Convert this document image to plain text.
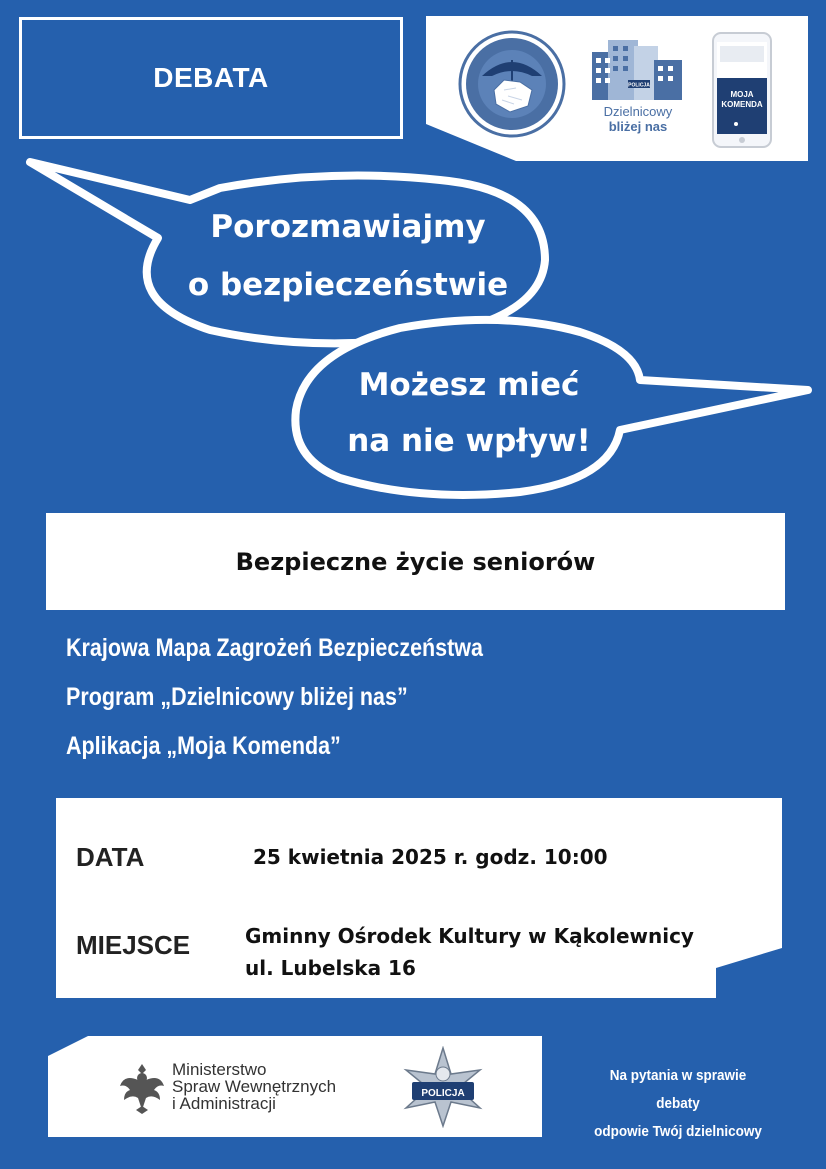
DEBATA	POLICJA
Dzielnicowy
bliżej nas
MOJA
KOMENDA
Porozmawiajmy
o bezpieczeństwie
Możesz mieć
na nie wpływ!
Bezpieczne życie seniorów
Krajowa Mapa Zagrożeń Bezpieczeństwa
Program „Dzielnicowy bliżej nas”
Aplikacja „Moja Komenda”
DATA	25 kwietnia 2025 r. godz. 10:00
MIEJSCE	Gminny Ośrodek Kultury w Kąkolewnicy
ul. Lubelska 16
Ministerstwo
Spraw Wewnętrznych
i Administracji
POLICJA
Na pytania w sprawie debaty
odpowie Twój dzielnicowy
